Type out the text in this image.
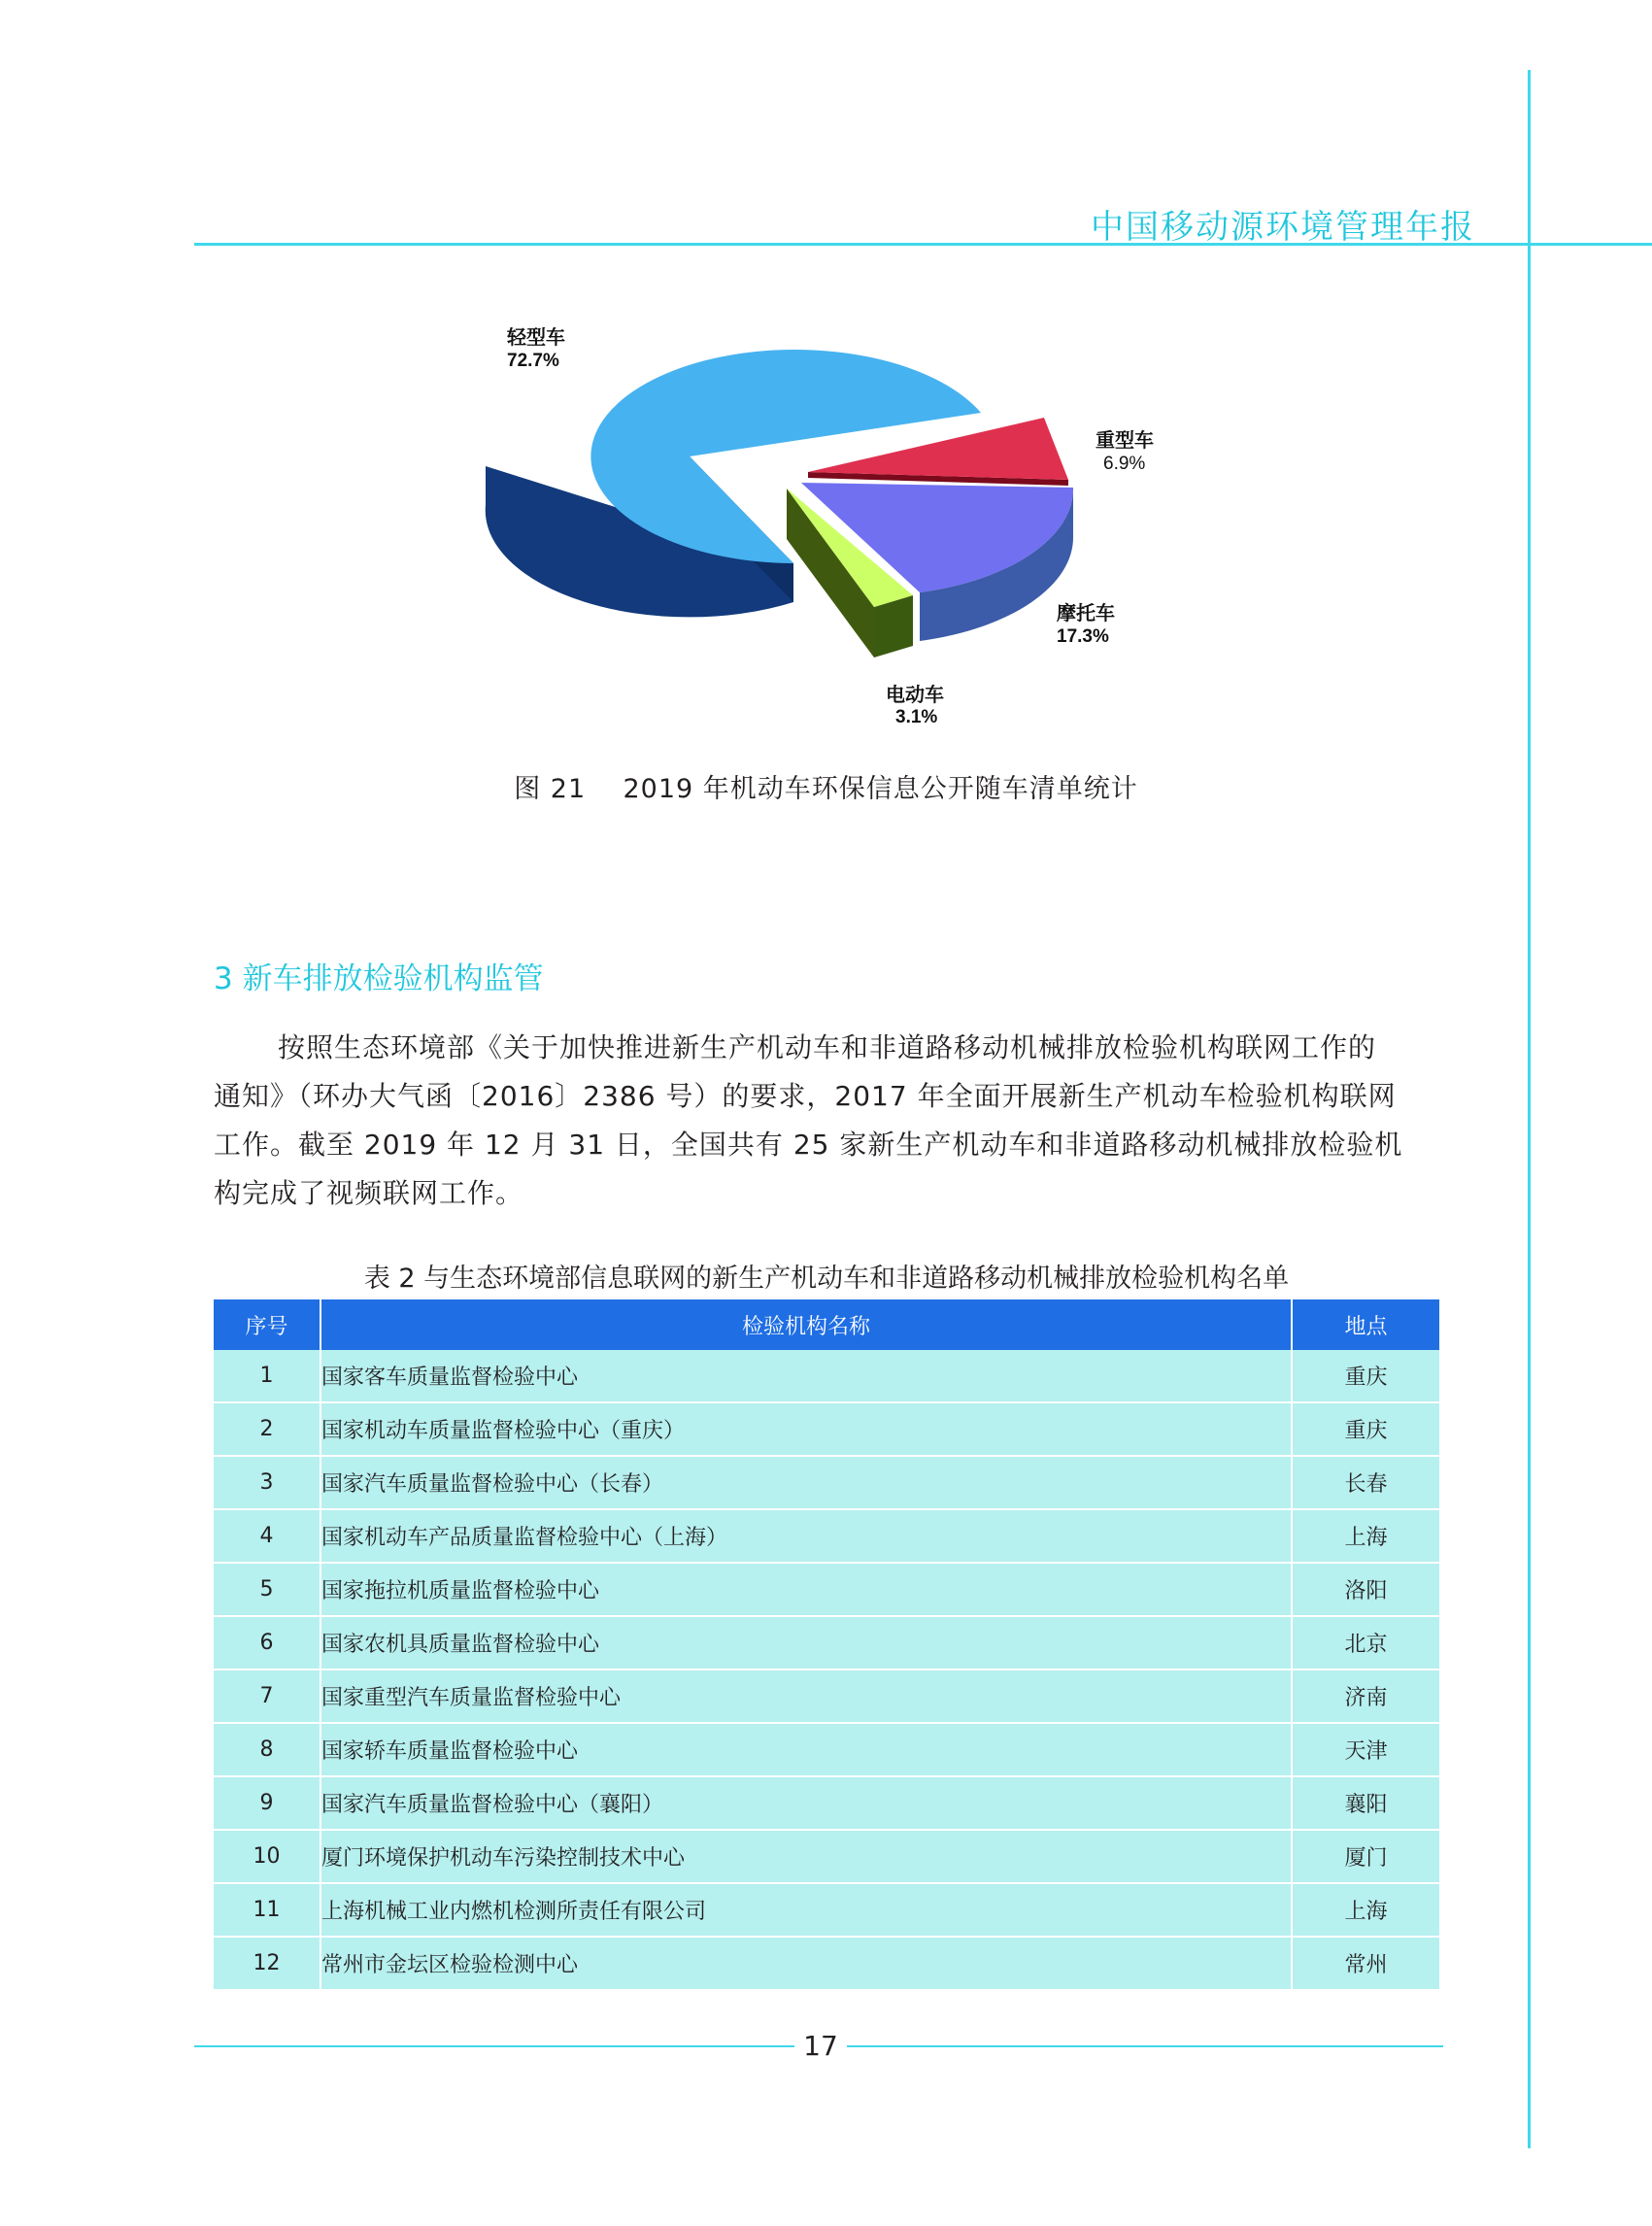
中国移动源环境管理年报
轻型车
72.7%
重型车
6.9%
摩托车
17.3%
电动车
3.1%
图 21    2019 年机动车环保信息公开随车清单统计
3 新车排放检验机构监管
按照生态环境部《关于加快推进新生产机动车和非道路移动机械排放检验机构联网工作的
通知》（环办大气函〔2016〕2386 号）的要求，2017 年全面开展新生产机动车检验机构联网
工作。截至 2019 年 12 月 31 日，全国共有 25 家新生产机动车和非道路移动机械排放检验机
构完成了视频联网工作。
表 2 与生态环境部信息联网的新生产机动车和非道路移动机械排放检验机构名单
序号	检验机构名称	地点
1	国家客车质量监督检验中心	重庆
2	国家机动车质量监督检验中心（重庆）	重庆
3	国家汽车质量监督检验中心（长春）	长春
4	国家机动车产品质量监督检验中心（上海）	上海
5	国家拖拉机质量监督检验中心	洛阳
6	国家农机具质量监督检验中心	北京
7	国家重型汽车质量监督检验中心	济南
8	国家轿车质量监督检验中心	天津
9	国家汽车质量监督检验中心（襄阳）	襄阳
10	厦门环境保护机动车污染控制技术中心	厦门
11	上海机械工业内燃机检测所责任有限公司	上海
12	常州市金坛区检验检测中心	常州
17
